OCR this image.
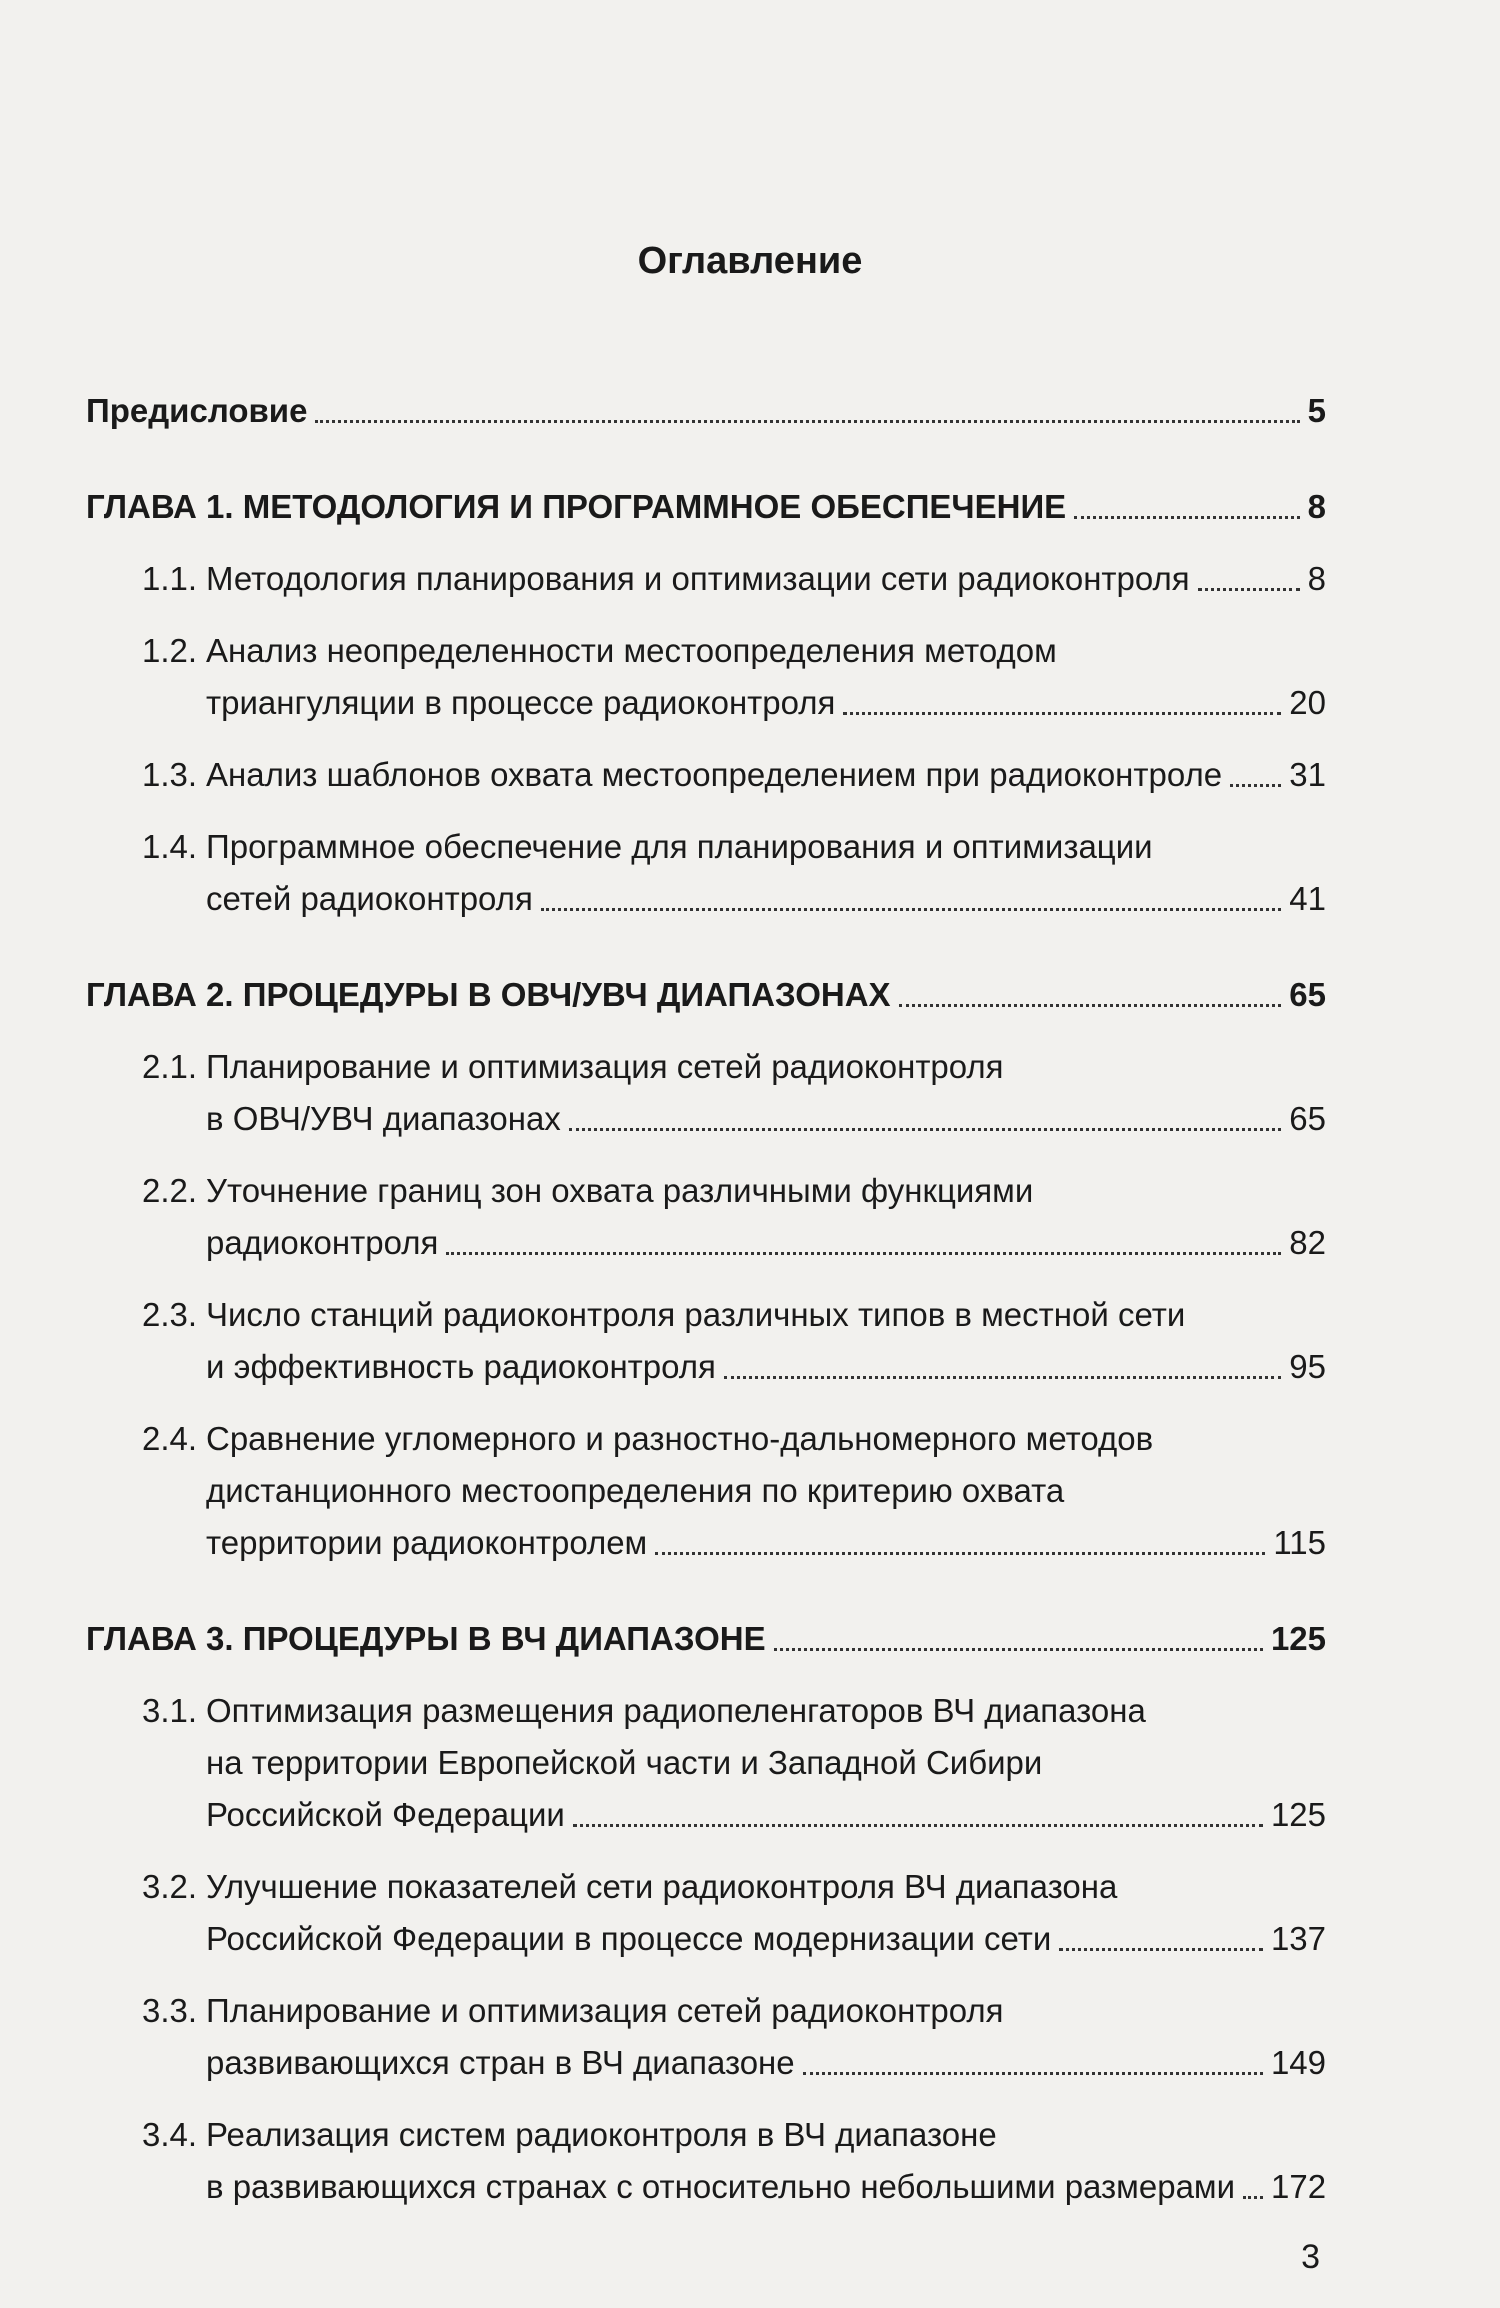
Оглавление
Предисловие	5
ГЛАВА 1. МЕТОДОЛОГИЯ И ПРОГРАММНОЕ ОБЕСПЕЧЕНИЕ	8
1.1. Методология планирования и оптимизации сети радиоконтроля	8
1.2. Анализ неопределенности местоопределения методом
триангуляции в процессе радиоконтроля	20
1.3. Анализ шаблонов охвата местоопределением при радиоконтроле 31
1.4. Программное обеспечение для планирования и оптимизации
сетей радиоконтроля	41
ГЛАВА 2. ПРОЦЕДУРЫ В ОВЧ/УВЧ ДИАПАЗОНАХ	65
2.1. Планирование и оптимизация сетей радиоконтроля
в ОВЧ/УВЧ диапазонах	65
2.2. Уточнение границ зон охвата различными функциями
радиоконтроля	82
2.3. Число станций радиоконтроля различных типов в местной сети
и эффективность радиоконтроля	95
2.4. Сравнение угломерного и разностно-дальномерного методов
дистанционного местоопределения по критерию охвата
территории радиоконтролем	115
ГЛАВА 3. ПРОЦЕДУРЫ В ВЧ ДИАПАЗОНЕ	125
3.1. Оптимизация размещения радиопеленгаторов ВЧ диапазона
на территории Европейской части и Западной Сибири
Российской Федерации	125
3.2. Улучшение показателей сети радиоконтроля ВЧ диапазона
Российской Федерации в процессе модернизации сети	137
3.3. Планирование и оптимизация сетей радиоконтроля
развивающихся стран в ВЧ диапазоне	149
3.4. Реализация систем радиоконтроля в ВЧ диапазоне
в развивающихся странах с относительно небольшими размерами 172
3
